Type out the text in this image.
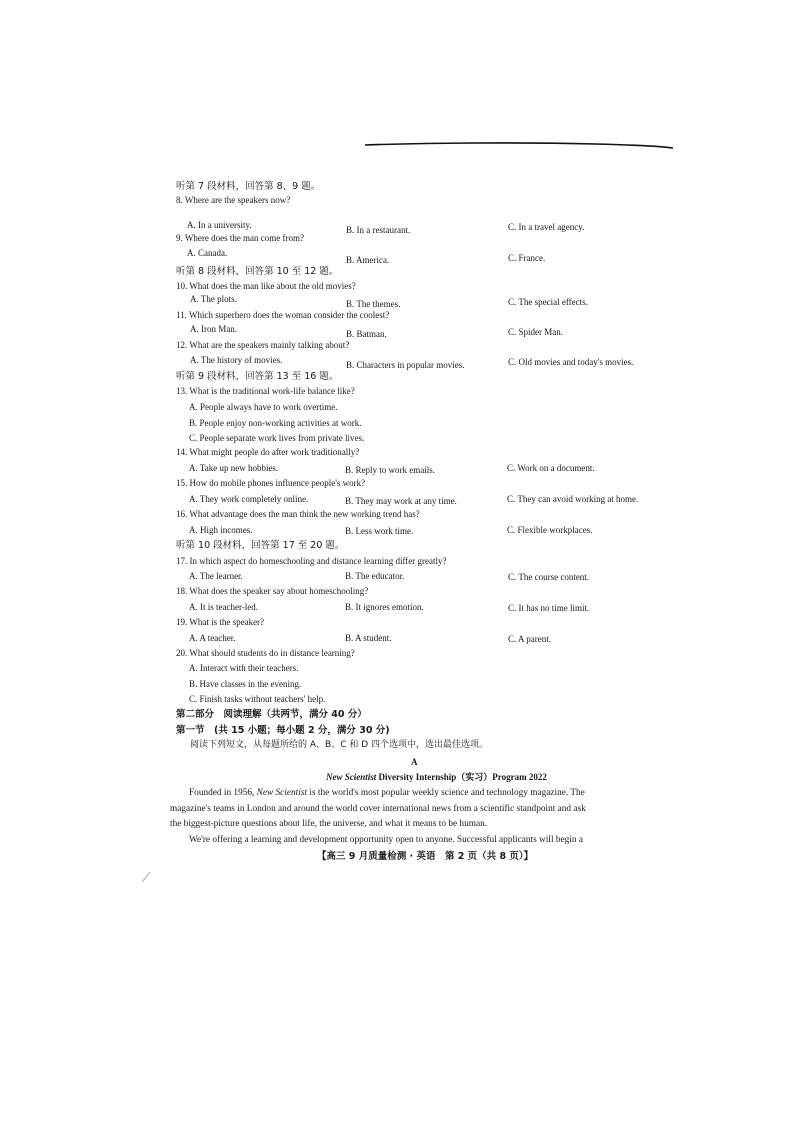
听第 7 段材料，回答第 8、9 题。
8. Where are the speakers now?
A. In a university.	B. In a restaurant.	C. In a travel agency.
9. Where does the man come from?
A. Canada.
B. America.	C. France.
听第 8 段材料，回答第 10 至 12 题。
10. What does the man like about the old movies?
A. The plots.	B. The themes.	C. The special effects.
11. Which superhero does the woman consider the coolest?
A. Iron Man.	B. Batman.	C. Spider Man.
12. What are the speakers mainly talking about?
A. The history of movies.	B. Characters in popular movies.	C. Old movies and today's movies.
听第 9 段材料，回答第 13 至 16 题。
13. What is the traditional work-life balance like?
A. People always have to work overtime.
B. People enjoy non-working activities at work.
C. People separate work lives from private lives.
14. What might people do after work traditionally?
A. Take up new hobbies.	B. Reply to work emails.	C. Work on a document.
15. How do mobile phones influence people's work?
A. They work completely online.	B. They may work at any time.	C. They can avoid working at home.
16. What advantage does the man think the new working trend has?
A. High incomes.	B. Less work time.	C. Flexible workplaces.
听第 10 段材料，回答第 17 至 20 题。
17. In which aspect do homeschooling and distance learning differ greatly?
A. The learner.	B. The educator.	C. The course content.
18. What does the speaker say about homeschooling?
A. It is teacher-led.	B. It ignores emotion.	C. It has no time limit.
19. What is the speaker?
A. A teacher.	B. A student.	C. A parent.
20. What should students do in distance learning?
A. Interact with their teachers.
B. Have classes in the evening.
C. Finish tasks without teachers' help.
第二部分　阅读理解（共两节，满分 40 分）
第一节　(共 15 小题；每小题 2 分，满分 30 分)
阅读下列短文，从每题所给的 A、B、C 和 D 四个选项中，选出最佳选项。
A
New Scientist Diversity Internship（实习）Program 2022
Founded in 1956, New Scientist is the world's most popular weekly science and technology magazine. The
magazine's teams in London and around the world cover international news from a scientific standpoint and ask
the biggest-picture questions about life, the universe, and what it means to be human.
We're offering a learning and development opportunity open to anyone. Successful applicants will begin a
【高三 9 月质量检测 · 英语　第 2 页（共 8 页）】
